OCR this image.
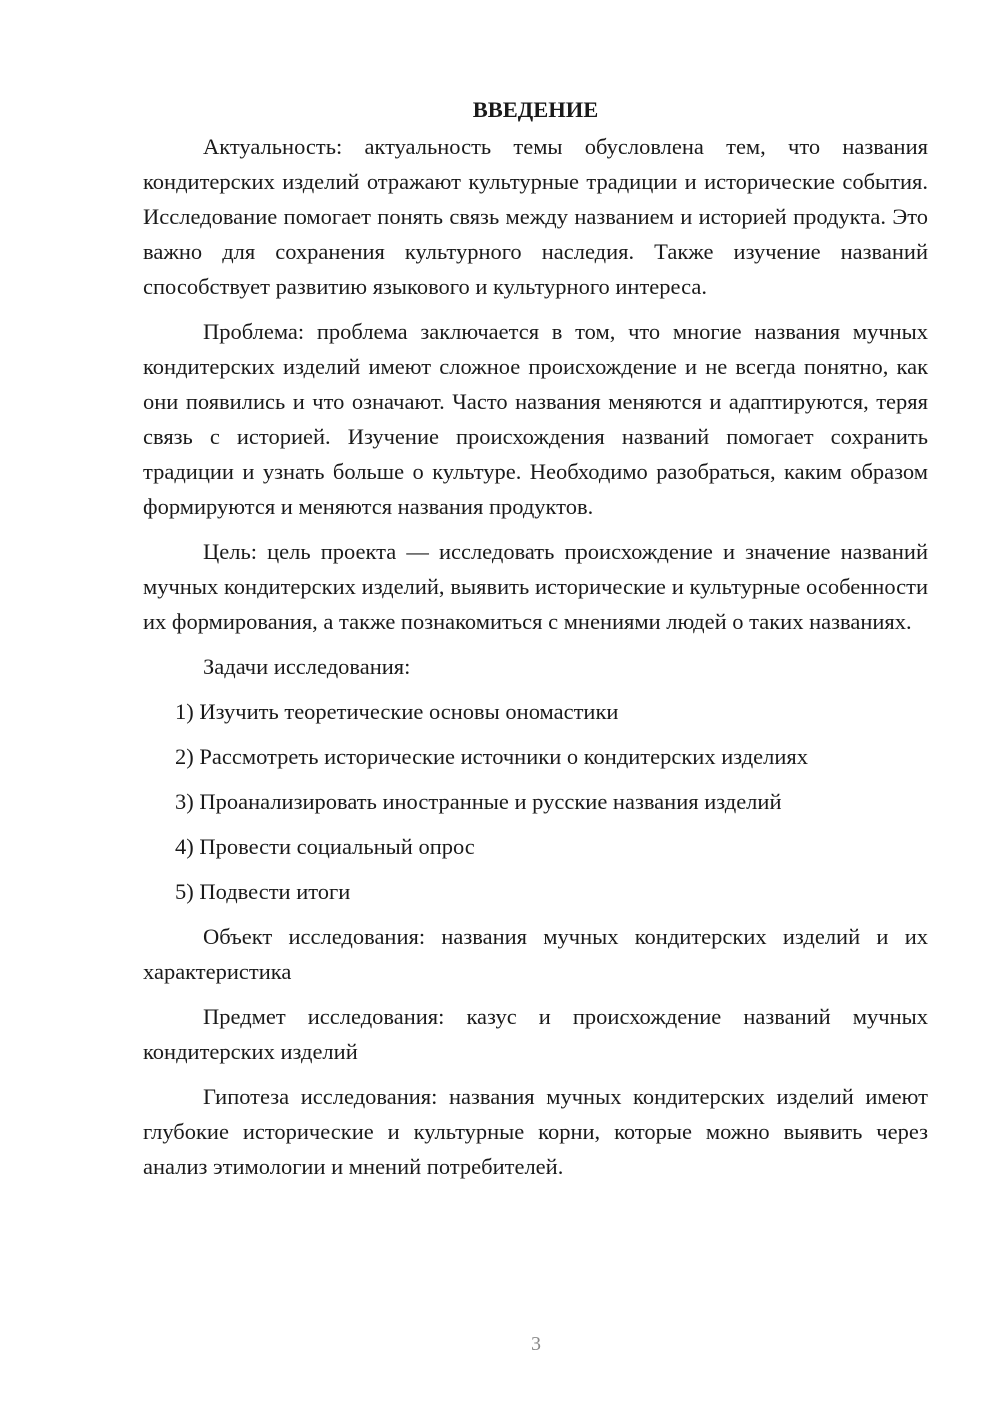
ВВЕДЕНИЕ

Актуальность: актуальность темы обусловлена тем, что названия кондитерских изделий отражают культурные традиции и исторические события. Исследование помогает понять связь между названием и историей продукта. Это важно для сохранения культурного наследия. Также изучение названий способствует развитию языкового и культурного интереса.

Проблема: проблема заключается в том, что многие названия мучных кондитерских изделий имеют сложное происхождение и не всегда понятно, как они появились и что означают. Часто названия меняются и адаптируются, теряя связь с историей. Изучение происхождения названий помогает сохранить традиции и узнать больше о культуре. Необходимо разобраться, каким образом формируются и меняются названия продуктов.

Цель: цель проекта — исследовать происхождение и значение названий мучных кондитерских изделий, выявить исторические и культурные особенности их формирования, а также познакомиться с мнениями людей о таких названиях.

Задачи исследования:

1) Изучить теоретические основы ономастики
2) Рассмотреть исторические источники о кондитерских изделиях
3) Проанализировать иностранные и русские названия изделий
4) Провести социальный опрос
5) Подвести итоги

Объект исследования: названия мучных кондитерских изделий и их характеристика

Предмет исследования: казус и происхождение названий мучных кондитерских изделий

Гипотеза исследования: названия мучных кондитерских изделий имеют глубокие исторические и культурные корни, которые можно выявить через анализ этимологии и мнений потребителей.

3
